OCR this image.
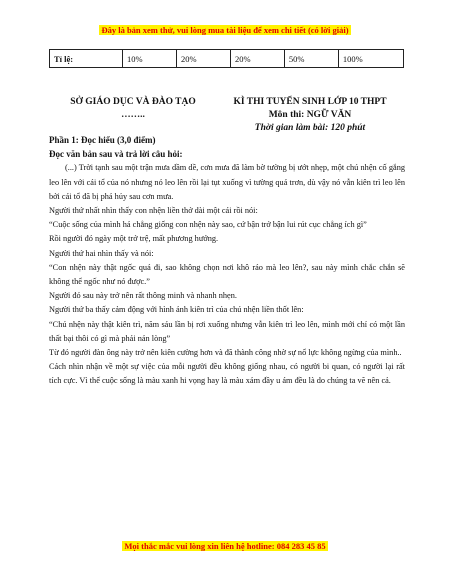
Đây là bản xem thử, vui lòng mua tài liệu để xem chi tiết (có lời giải)
Tỉ lệ:	10%	20%	20%	50%	100%
SỞ GIÁO DỤC VÀ ĐÀO TẠO
……..
KÌ THI TUYỂN SINH LỚP 10 THPT
Môn thi: NGỮ VĂN
Thời gian làm bài: 120 phút

Phần 1: Đọc hiểu (3,0 điểm)

Đọc văn bản sau và trả lời câu hỏi:

(...) Trời tạnh sau một trận mưa dầm dề, cơn mưa đã làm bờ tường bị ướt nhẹp, một chú nhện cố gắng leo lên với cái tổ của nó nhưng nó leo lên rồi lại tụt xuống vì tường quá trơn, dù vậy nó vẫn kiên trì leo lên bởi cái tổ đã bị phá hủy sau cơn mưa.

Người thứ nhất nhìn thấy con nhện liền thở dài một cái rồi nói:

“Cuộc sống của mình há chẳng giống con nhện này sao, cứ bận trở bận lui rút cục chẳng ích gì”

Rồi người đó ngày một trở trệ, mất phương hướng.

Người thứ hai nhìn thấy và nói:

“Con nhện này thật ngốc quá đi, sao không chọn nơi khô ráo mà leo lên?, sau này mình chắc chắn sẽ không thể ngốc như nó được.”

Người đó sau này trở nên rất thông minh và nhanh nhẹn.

Người thứ ba thấy cảm động với hình ảnh kiên trì của chú nhện liền thốt lên:

“Chú nhện này thật kiên trì, năm sáu lần bị rơi xuống nhưng vẫn kiên trì leo lên, mình mới chỉ có một lần thất bại thôi có gì mà phải nản lòng”

Từ đó người đàn ông này trở nên kiên cường hơn và đã thành công nhờ sự nổ lực không ngừng của mình..

Cách nhìn nhận về một sự việc của mỗi người đều không giống nhau, có người bi quan, có người lại rất tích cực. Vì thế cuộc sống là màu xanh hi vọng hay là màu xám đầy u ám đều là do chúng ta vẽ nên cả.

Mọi thắc mắc vui lòng xin liên hệ hotline: 084 283 45 85
